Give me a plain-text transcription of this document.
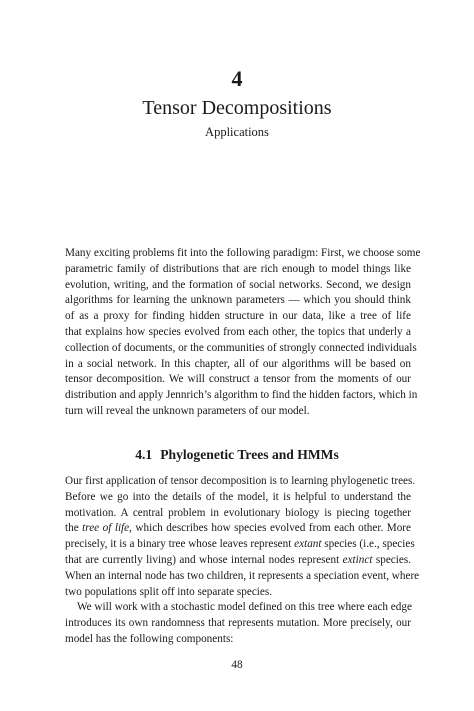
4
Tensor Decompositions
Applications
Many exciting problems fit into the following paradigm: First, we choose some
parametric family of distributions that are rich enough to model things like
evolution, writing, and the formation of social networks. Second, we design
algorithms for learning the unknown parameters — which you should think
of as a proxy for finding hidden structure in our data, like a tree of life
that explains how species evolved from each other, the topics that underly a
collection of documents, or the communities of strongly connected individuals
in a social network. In this chapter, all of our algorithms will be based on
tensor decomposition. We will construct a tensor from the moments of our
distribution and apply Jennrich’s algorithm to find the hidden factors, which in
turn will reveal the unknown parameters of our model.
4.1 Phylogenetic Trees and HMMs
Our first application of tensor decomposition is to learning phylogenetic trees.
Before we go into the details of the model, it is helpful to understand the
motivation. A central problem in evolutionary biology is piecing together
the tree of life, which describes how species evolved from each other. More
precisely, it is a binary tree whose leaves represent extant species (i.e., species
that are currently living) and whose internal nodes represent extinct species.
When an internal node has two children, it represents a speciation event, where
two populations split off into separate species.
We will work with a stochastic model defined on this tree where each edge
introduces its own randomness that represents mutation. More precisely, our
model has the following components:
48
